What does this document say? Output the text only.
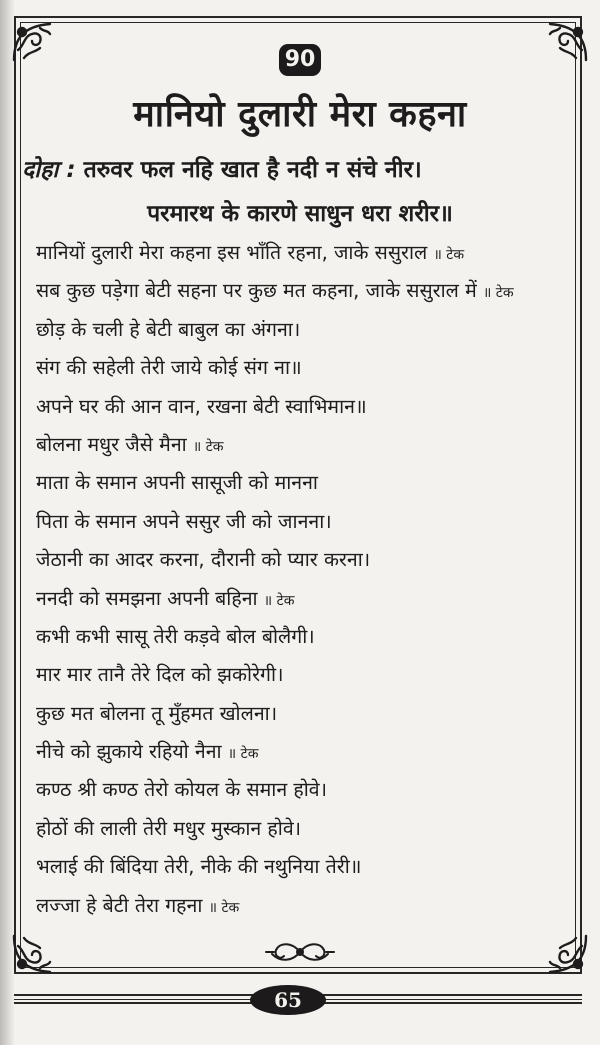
90
मानियो दुलारी मेरा कहना
दोहा : तरुवर फल नहि खात है नदी न संचे नीर।
परमारथ के कारणे साधुन धरा शरीर॥
मानियों दुलारी मेरा कहना इस भाँति रहना, जाके ससुराल ॥ टेक
सब कुछ पड़ेगा बेटी सहना पर कुछ मत कहना, जाके ससुराल में ॥ टेक
छोड़ के चली हे बेटी बाबुल का अंगना।
संग की सहेली तेरी जाये कोई संग ना॥
अपने घर की आन वान, रखना बेटी स्वाभिमान॥
बोलना मधुर जैसे मैना ॥ टेक
माता के समान अपनी सासूजी को मानना
पिता के समान अपने ससुर जी को जानना।
जेठानी का आदर करना, दौरानी को प्यार करना।
ननदी को समझना अपनी बहिना ॥ टेक
कभी कभी सासू तेरी कड़वे बोल बोलैगी।
मार मार तानै तेरे दिल को झकोरेगी।
कुछ मत बोलना तू मुँहमत खोलना।
नीचे को झुकाये रहियो नैना ॥ टेक
कण्ठ श्री कण्ठ तेरो कोयल के समान होवे।
होठों की लाली तेरी मधुर मुस्कान होवे।
भलाई की बिंदिया तेरी, नीके की नथुनिया तेरी॥
लज्जा हे बेटी तेरा गहना ॥ टेक
65
